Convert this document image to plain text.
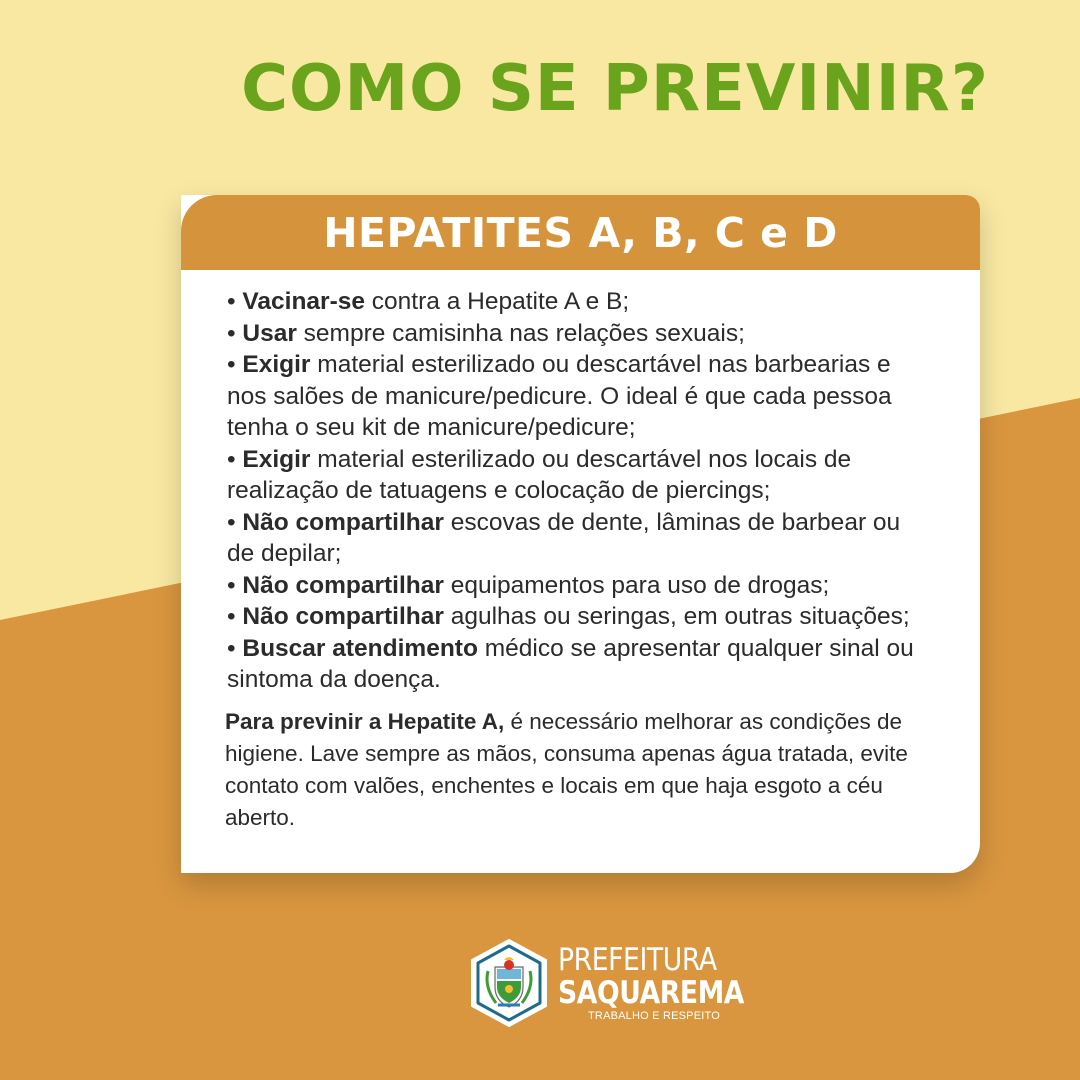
COMO SE PREVINIR?
HEPATITES A, B, C e D
• Vacinar-se contra a Hepatite A e B;
• Usar sempre camisinha nas relações sexuais;
• Exigir material esterilizado ou descartável nas barbearias e
nos salões de manicure/pedicure. O ideal é que cada pessoa
tenha o seu kit de manicure/pedicure;
• Exigir material esterilizado ou descartável nos locais de
realização de tatuagens e colocação de piercings;
• Não compartilhar escovas de dente, lâminas de barbear ou
de depilar;
• Não compartilhar equipamentos para uso de drogas;
• Não compartilhar agulhas ou seringas, em outras situações;
• Buscar atendimento médico se apresentar qualquer sinal ou
sintoma da doença.
Para previnir a Hepatite A, é necessário melhorar as condições de
higiene. Lave sempre as mãos, consuma apenas água tratada, evite
contato com valões, enchentes e locais em que haja esgoto a céu
aberto.
PREFEITURA
SAQUAREMA
TRABALHO E RESPEITO
